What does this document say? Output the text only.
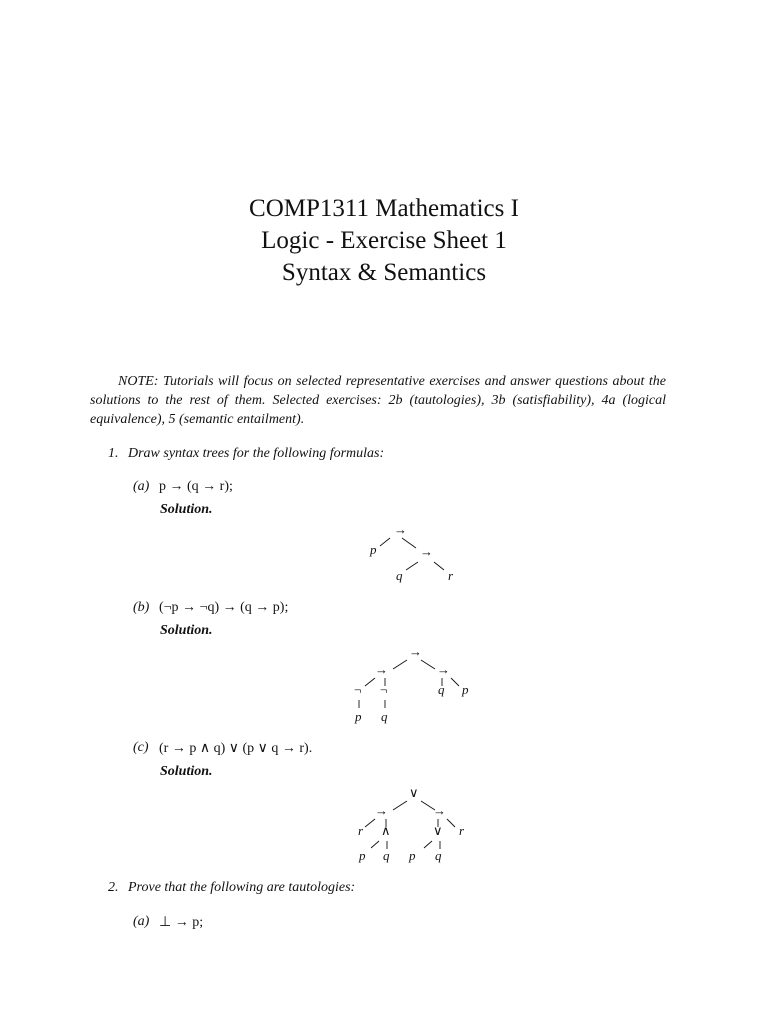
COMP1311 Mathematics I
Logic - Exercise Sheet 1
Syntax & Semantics
NOTE: Tutorials will focus on selected representative exercises and answer questions about the solutions to the rest of them. Selected exercises: 2b (tautologies), 3b (satisfiability), 4a (logical equivalence), 5 (semantic entailment).
1. Draw syntax trees for the following formulas:
(a) p → (q → r);
Solution.
→
p	→
q	r
(b) (¬p → ¬q) → (q → p);
Solution.
→
→	→
¬ ¬	q p
p q
(c) (r → p ∧ q) ∨ (p ∨ q → r).
Solution.
∨
→	→
r ∧	∨ r
p q p q
2. Prove that the following are tautologies:
(a) ⊥ → p;
